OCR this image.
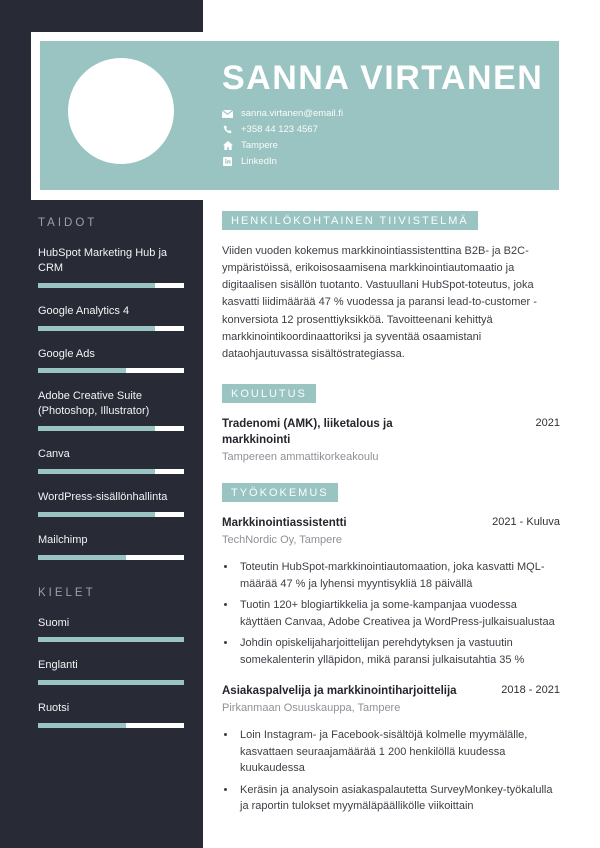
TAIDOT
HubSpot Marketing Hub ja CRM
Google Analytics 4
Google Ads
Adobe Creative Suite (Photoshop, Illustrator)
Canva
WordPress-sisällönhallinta
Mailchimp
KIELET
Suomi
Englanti
Ruotsi
SANNA VIRTANEN
sanna.virtanen@email.fi
+358 44 123 4567
Tampere
LinkedIn
HENKILÖKOHTAINEN TIIVISTELMÄ
Viiden vuoden kokemus markkinointiassistenttina B2B- ja B2C-ympäristöissä, erikoisosaamisena markkinointiautomaatio ja digitaalisen sisällön tuotanto. Vastuullani HubSpot-toteutus, joka kasvatti liidimäärää 47 % vuodessa ja paransi lead-to-customer -konversiota 12 prosenttiyksikköä. Tavoitteenani kehittyä markkinointikoordinaattoriksi ja syventää osaamistani dataohjautuvassa sisältöstrategiassa.
KOULUTUS
Tradenomi (AMK), liiketalous ja markkinointi
2021
Tampereen ammattikorkeakoulu
TYÖKOKEMUS
Markkinointiassistentti	2021 - Kuluva
TechNordic Oy, Tampere
• Toteutin HubSpot-markkinointiautomaation, joka kasvatti MQL-määrää 47 % ja lyhensi myyntisykliä 18 päivällä
• Tuotin 120+ blogiartikkelia ja some-kampanjaa vuodessa käyttäen Canvaa, Adobe Creativea ja WordPress-julkaisualustaa
• Johdin opiskelijaharjoittelijan perehdytyksen ja vastuutin somekalenterin ylläpidon, mikä paransi julkaisutahtia 35 %
Asiakaspalvelija ja markkinointiharjoittelija	2018 - 2021
Pirkanmaan Osuuskauppa, Tampere
• Loin Instagram- ja Facebook-sisältöjä kolmelle myymälälle, kasvattaen seuraajamäärää 1 200 henkilöllä kuudessa kuukaudessa
• Keräsin ja analysoin asiakaspalautetta SurveyMonkey-työkalulla ja raportin tulokset myymäläpäällikölle viikoittain
